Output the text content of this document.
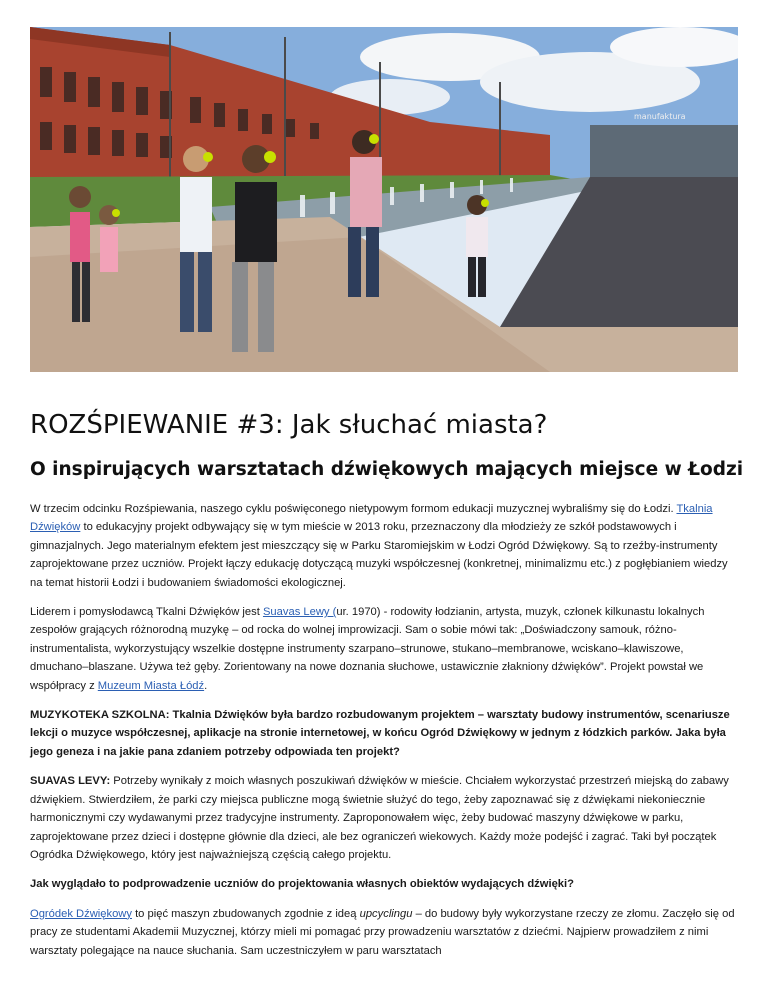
manufaktura
ROZŚPIEWANIE #3: Jak słuchać miasta?
O inspirujących warsztatach dźwiękowych mających miejsce w Łodzi

W trzecim odcinku Rozśpiewania, naszego cyklu poświęconego nietypowym formom edukacji muzycznej wybraliśmy się do Łodzi. Tkalnia Dźwięków to edukacyjny projekt odbywający się w tym mieście w 2013 roku, przeznaczony dla młodzieży ze szkół podstawowych i gimnazjalnych. Jego materialnym efektem jest mieszczący się w Parku Staromiejskim w Łodzi Ogród Dźwiękowy. Są to rzeźby-instrumenty zaprojektowane przez uczniów. Projekt łączy edukację dotyczącą muzyki współczesnej (konkretnej, minimalizmu etc.) z pogłębianiem wiedzy na temat historii Łodzi i budowaniem świadomości ekologicznej.

Liderem i pomysłodawcą Tkalni Dźwięków jest Suavas Lewy (ur. 1970) - rodowity łodzianin, artysta, muzyk, członek kilkunastu lokalnych zespołów grających różnorodną muzykę – od rocka do wolnej improwizacji. Sam o sobie mówi tak: „Doświadczony samouk, różno-instrumentalista, wykorzystujący wszelkie dostępne instrumenty szarpano–strunowe, stukano–membranowe, wciskano–klawiszowe, dmuchano–blaszane. Używa też gęby. Zorientowany na nowe doznania słuchowe, ustawicznie złakniony dźwięków”. Projekt powstał we współpracy z Muzeum Miasta Łódź.

MUZYKOTEKA SZKOLNA: Tkalnia Dźwięków była bardzo rozbudowanym projektem – warsztaty budowy instrumentów, scenariusze lekcji o muzyce współczesnej, aplikacje na stronie internetowej, w końcu Ogród Dźwiękowy w jednym z łódzkich parków. Jaka była jego geneza i na jakie pana zdaniem potrzeby odpowiada ten projekt?

SUAVAS LEVY: Potrzeby wynikały z moich własnych poszukiwań dźwięków w mieście. Chciałem wykorzystać przestrzeń miejską do zabawy dźwiękiem. Stwierdziłem, że parki czy miejsca publiczne mogą świetnie służyć do tego, żeby zapoznawać się z dźwiękami niekoniecznie harmonicznymi czy wydawanymi przez tradycyjne instrumenty. Zaproponowałem więc, żeby budować maszyny dźwiękowe w parku, zaprojektowane przez dzieci i dostępne głównie dla dzieci, ale bez ograniczeń wiekowych. Każdy może podejść i zagrać. Taki był początek Ogródka Dźwiękowego, który jest najważniejszą częścią całego projektu.

Jak wyglądało to podprowadzenie uczniów do projektowania własnych obiektów wydających dźwięki?

Ogródek Dźwiękowy to pięć maszyn zbudowanych zgodnie z ideą upcyclingu – do budowy były wykorzystane rzeczy ze złomu. Zaczęło się od pracy ze studentami Akademii Muzycznej, którzy mieli mi pomagać przy prowadzeniu warsztatów z dziećmi. Najpierw prowadziłem z nimi warsztaty polegające na nauce słuchania. Sam uczestniczyłem w paru warsztatach
